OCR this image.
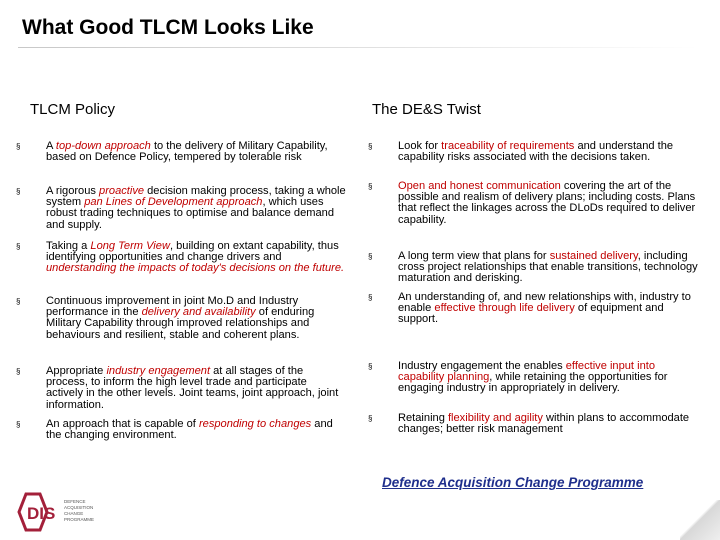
What Good TLCM Looks Like
TLCM Policy	The DE&S Twist
§ A top-down approach to the delivery of Military Capability, based on Defence Policy, tempered by tolerable risk
§ A rigorous proactive decision making process, taking a whole system pan Lines of Development approach, which uses robust trading techniques to optimise and balance demand and supply.
§ Taking a Long Term View, building on extant capability, thus identifying opportunities and change drivers and understanding the impacts of today's decisions on the future.
§ Continuous improvement in joint Mo.D and Industry performance in the delivery and availability of enduring Military Capability through improved relationships and behaviours and resilient, stable and coherent plans.
§ Appropriate industry engagement at all stages of the process, to inform the high level trade and participate actively in the other levels. Joint teams, joint approach, joint information.
§ An approach that is capable of responding to changes and the changing environment.
§ Look for traceability of requirements and understand the capability risks associated with the decisions taken.
§ Open and honest communication covering the art of the possible and realism of delivery plans; including costs. Plans that reflect the linkages across the DLoDs required to deliver capability.
§ A long term view that plans for sustained delivery, including cross project relationships that enable transitions, technology maturation and derisking.
§ An understanding of, and new relationships with, industry to enable effective through life delivery of equipment and support.
§ Industry engagement the enables effective input into capability planning, while retaining the opportunities for engaging industry in appropriately in delivery.
§ Retaining flexibility and agility within plans to accommodate changes; better risk management
DIS
DEFENCE
ACQUISITION
CHANGE
PROGRAMME
Defence Acquisition Change Programme
